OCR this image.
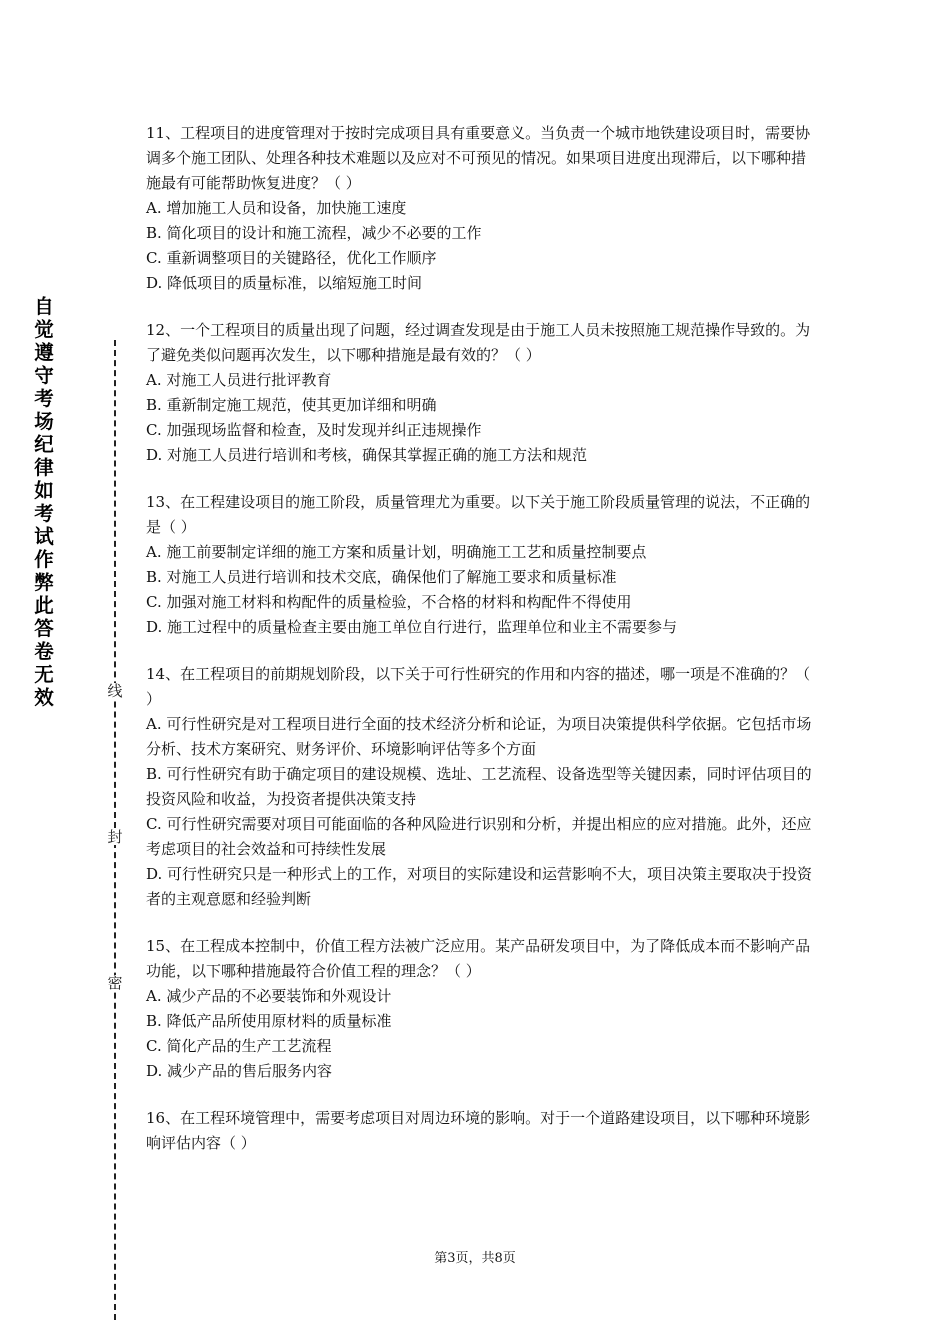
自觉遵守考场纪律如考试作弊此答卷无效	线
封
密

11、工程项目的进度管理对于按时完成项目具有重要意义。当负责一个城市地铁建设项目时，需要协调多个施工团队、处理各种技术难题以及应对不可预见的情况。如果项目进度出现滞后，以下哪种措施最有可能帮助恢复进度？（ ）

A. 增加施工人员和设备，加快施工速度

B. 简化项目的设计和施工流程，减少不必要的工作

C. 重新调整项目的关键路径，优化工作顺序

D. 降低项目的质量标准，以缩短施工时间

12、一个工程项目的质量出现了问题，经过调查发现是由于施工人员未按照施工规范操作导致的。为了避免类似问题再次发生，以下哪种措施是最有效的？（ ）

A. 对施工人员进行批评教育

B. 重新制定施工规范，使其更加详细和明确

C. 加强现场监督和检查，及时发现并纠正违规操作

D. 对施工人员进行培训和考核，确保其掌握正确的施工方法和规范

13、在工程建设项目的施工阶段，质量管理尤为重要。以下关于施工阶段质量管理的说法，不正确的是（ ）

A. 施工前要制定详细的施工方案和质量计划，明确施工工艺和质量控制要点

B. 对施工人员进行培训和技术交底，确保他们了解施工要求和质量标准

C. 加强对施工材料和构配件的质量检验，不合格的材料和构配件不得使用

D. 施工过程中的质量检查主要由施工单位自行进行，监理单位和业主不需要参与

14、在工程项目的前期规划阶段，以下关于可行性研究的作用和内容的描述，哪一项是不准确的？（ ）

A. 可行性研究是对工程项目进行全面的技术经济分析和论证，为项目决策提供科学依据。它包括市场分析、技术方案研究、财务评价、环境影响评估等多个方面

B. 可行性研究有助于确定项目的建设规模、选址、工艺流程、设备选型等关键因素，同时评估项目的投资风险和收益，为投资者提供决策支持

C. 可行性研究需要对项目可能面临的各种风险进行识别和分析，并提出相应的应对措施。此外，还应考虑项目的社会效益和可持续性发展

D. 可行性研究只是一种形式上的工作，对项目的实际建设和运营影响不大，项目决策主要取决于投资者的主观意愿和经验判断

15、在工程成本控制中，价值工程方法被广泛应用。某产品研发项目中，为了降低成本而不影响产品功能，以下哪种措施最符合价值工程的理念？（ ）

A. 减少产品的不必要装饰和外观设计

B. 降低产品所使用原材料的质量标准

C. 简化产品的生产工艺流程

D. 减少产品的售后服务内容

16、在工程环境管理中，需要考虑项目对周边环境的影响。对于一个道路建设项目，以下哪种环境影响评估内容（ ）

第3页，共8页
